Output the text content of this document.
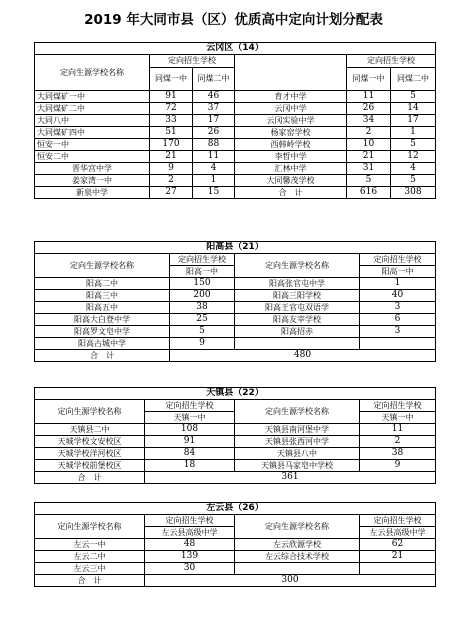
2019 年大同市县（区）优质高中定向计划分配表
云冈区（14）					
定向生源学校名称	定向招生学校			定向招生学校	
	同煤一中	同煤二中		同煤一中	同煤二中
大同煤矿一中	91	46	育才中学	11	5
大同煤矿二中	72	37	云冈中学	26	14
大同八中	33	17	云冈实验中学	34	17
大同煤矿四中	51	26	杨家窑学校	2	1
恒安一中	170	88	西韩岭学校	10	5
恒安二中	21	11	李哲中学	21	12
晋华宫中学	9	4	汇林中学	31	4
姜家湾一中	2	1	大同馨茂学校	5	5
新泉中学	27	15	合　计	616	308
阳高县（21）			
定向生源学校名称	定向招生学校	定向生源学校名称	定向招生学校
	阳高一中		阳高一中
阳高二中	150	阳高张官屯中学	1
阳高三中	200	阳高三阳学校	40
阳高五中	38	阳高王官屯双语学	3
阳高大白登中学	25	阳高友宰学校	6
阳高罗文皂中学	5	阳高招赤	3
阳高古城中学	9		
合　计	480		
天镇县（22）			
定向生源学校名称	定向招生学校	定向生源学校名称	定向招生学校
	天镇一中		天镇一中
天镇县二中	108	天镇县南河堡中学	11
天城学校文安校区	91	天镇县张西河中学	2
天城学校洋河校区	84	天镇县八中	38
天城学校前堡校区	18	天镇县马家皂中学校	9
合　计	361		
左云县（26）			
定向生源学校名称	定向招生学校	定向生源学校名称	定向招生学校
	左云县高级中学		左云县高级中学
左云一中	48	左云欣源学校	62
左云二中	139	左云综合技术学校	21
左云三中	30		
合　计	300		
